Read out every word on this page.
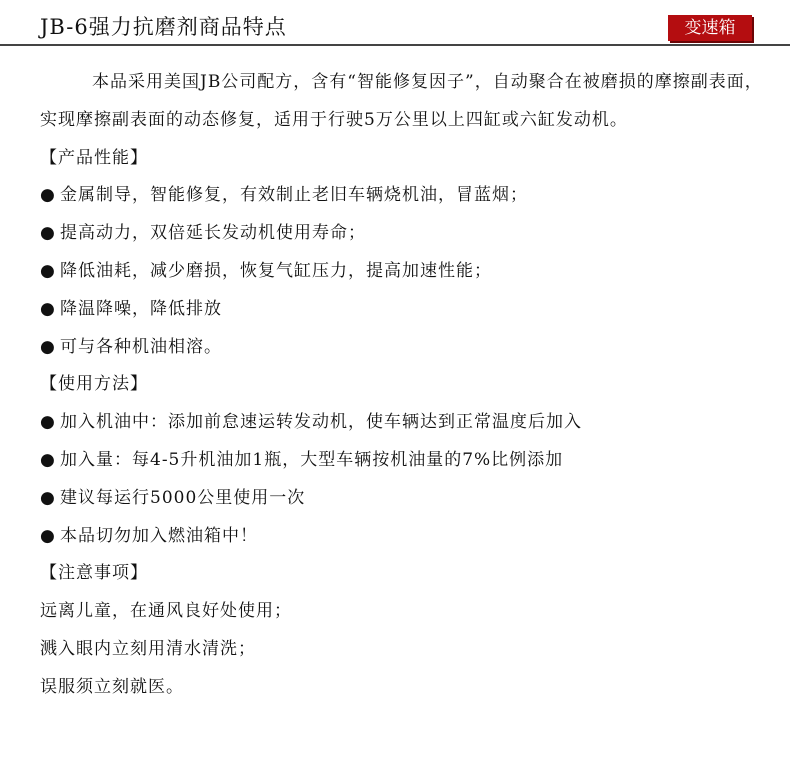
JB-6强力抗磨剂商品特点	变速箱

本品采用美国JB公司配方，含有“智能修复因子”，自动聚合在被磨损的摩擦副表面，实现摩擦副表面的动态修复，适用于行驶5万公里以上四缸或六缸发动机。

【产品性能】

● 金属制导，智能修复，有效制止老旧车辆烧机油，冒蓝烟；

● 提高动力，双倍延长发动机使用寿命；

● 降低油耗，减少磨损，恢复气缸压力，提高加速性能；

● 降温降噪，降低排放

● 可与各种机油相溶。

【使用方法】

● 加入机油中：添加前怠速运转发动机，使车辆达到正常温度后加入

● 加入量：每4-5升机油加1瓶，大型车辆按机油量的7%比例添加

● 建议每运行5000公里使用一次

● 本品切勿加入燃油箱中！

【注意事项】

远离儿童，在通风良好处使用；

溅入眼内立刻用清水清洗；

误服须立刻就医。
